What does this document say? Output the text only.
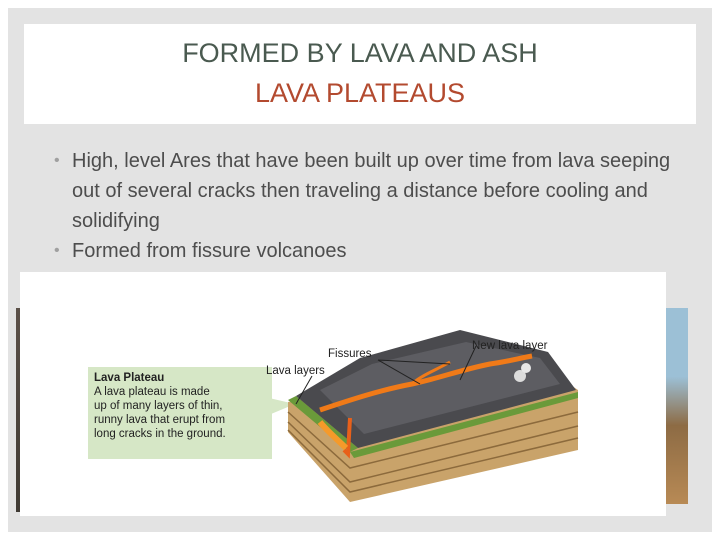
FORMED BY LAVA AND ASH
LAVA PLATEAUS
• High, level Ares that have been built up over time from lava seeping out of several cracks then traveling a distance before cooling and solidifying
• Formed from fissure volcanoes
Lava Plateau
A lava plateau is made
up of many layers of thin,
runny lava that erupt from
long cracks in the ground.
Fissures
Lava layers
New lava layer
